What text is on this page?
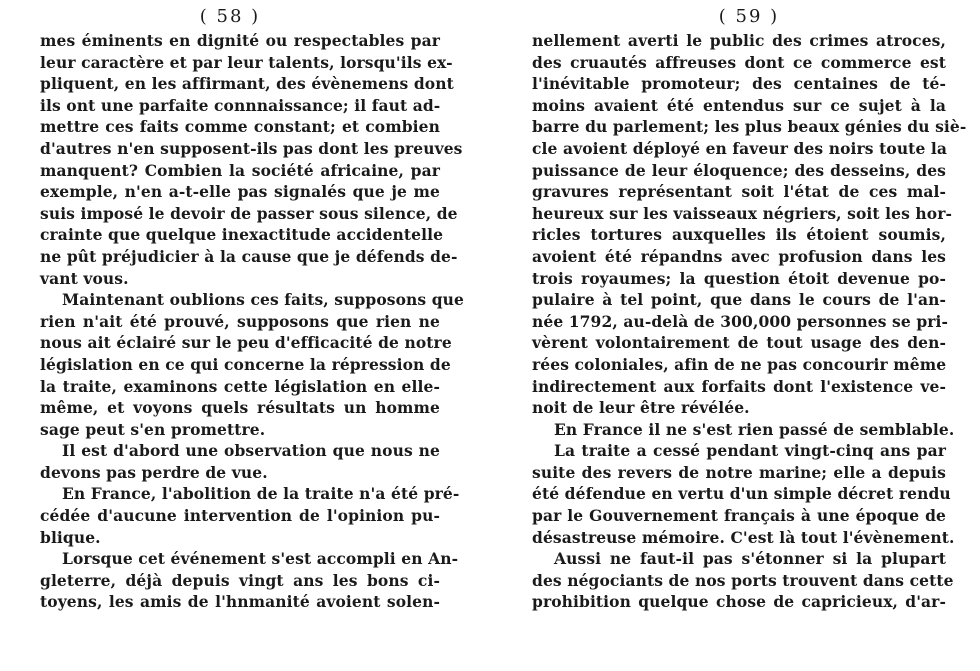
( 58 )
mes éminents en dignité ou respectables par
leur caractère et par leur talents, lorsqu'ils ex-
pliquent, en les affirmant, des évènemens dont
ils ont une parfaite connnaissance; il faut ad-
mettre ces faits comme constant; et combien
d'autres n'en supposent-ils pas dont les preuves
manquent? Combien la société africaine, par
exemple, n'en a-t-elle pas signalés que je me
suis imposé le devoir de passer sous silence, de
crainte que quelque inexactitude accidentelle
ne pût préjudicier à la cause que je défends de-
vant vous.
Maintenant oublions ces faits, supposons que
rien n'ait été prouvé, supposons que rien ne
nous ait éclairé sur le peu d'efficacité de notre
législation en ce qui concerne la répression de
la traite, examinons cette législation en elle-
même, et voyons quels résultats un homme
sage peut s'en promettre.
Il est d'abord une observation que nous ne
devons pas perdre de vue.
En France, l'abolition de la traite n'a été pré-
cédée d'aucune intervention de l'opinion pu-
blique.
Lorsque cet événement s'est accompli en An-
gleterre, déjà depuis vingt ans les bons ci-
toyens, les amis de l'hnmanité avoient solen-
( 59 )
nellement averti le public des crimes atroces,
des cruautés affreuses dont ce commerce est
l'inévitable promoteur; des centaines de té-
moins avaient été entendus sur ce sujet à la
barre du parlement; les plus beaux génies du siè-
cle avoient déployé en faveur des noirs toute la
puissance de leur éloquence; des desseins, des
gravures représentant soit l'état de ces mal-
heureux sur les vaisseaux négriers, soit les hor-
ricles tortures auxquelles ils étoient soumis,
avoient été répandns avec profusion dans les
trois royaumes; la question étoit devenue po-
pulaire à tel point, que dans le cours de l'an-
née 1792, au-delà de 300,000 personnes se pri-
vèrent volontairement de tout usage des den-
rées coloniales, afin de ne pas concourir même
indirectement aux forfaits dont l'existence ve-
noit de leur être révélée.
En France il ne s'est rien passé de semblable.
La traite a cessé pendant vingt-cinq ans par
suite des revers de notre marine; elle a depuis
été défendue en vertu d'un simple décret rendu
par le Gouvernement français à une époque de
désastreuse mémoire. C'est là tout l'évènement.
Aussi ne faut-il pas s'étonner si la plupart
des négociants de nos ports trouvent dans cette
prohibition quelque chose de capricieux, d'ar-
